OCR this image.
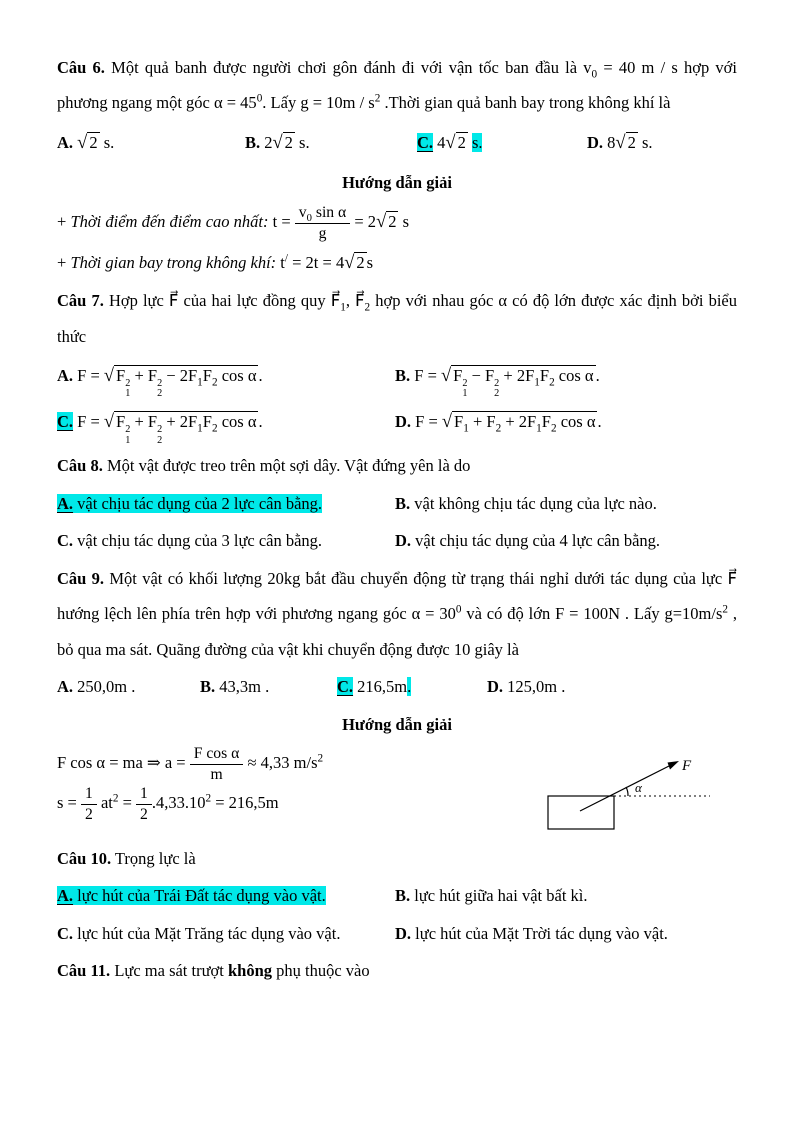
Câu 6. Một quả banh được người chơi gôn đánh đi với vận tốc ban đầu là $v_0 = 40$ m / s hợp với phương ngang một góc $\alpha = 45^0$. Lấy $g = 10m / s^2$ .Thời gian quả banh bay trong không khí là

A. √ 2 s.	B. 2 √ 2 s.	C. 4 √ 2 s.	D. 8 √ 2 s.

Hướng dẫn giải

+ Thời điểm đến điểm cao nhất: $t = \frac{v_0 \sin \alpha}{g} = 2$ √ 2 s

+ Thời gian bay trong không khí: t/ = 2t = 4 √ 2 s

Câu 7. Hợp lực F⃗ của hai lực đồng quy $F⃗_1$, $F⃗_2$ hợp với nhau góc α có độ lớn được xác định bởi biểu thức

A. F = √ F 2
1
+ F 2
2
− $2F_1F_2$ cos α .	B. F = √ F 2
1
− F 2
2
+ $2F_1F_2$ cos α .
C. F = √ F 2
1
+ F 2
2
+ $2F_1F_2$ cos α .	D. F = √ $F_1 + F_2 + 2F_1F_2$ cos α .

Câu 8. Một vật được treo trên một sợi dây. Vật đứng yên là do

A. vật chịu tác dụng của 2 lực cân bằng.	B. vật không chịu tác dụng của lực nào.
C. vật chịu tác dụng của 3 lực cân bằng.	D. vật chịu tác dụng của 4 lực cân bằng.

Câu 9. Một vật có khối lượng 20kg bắt đầu chuyển động từ trạng thái nghỉ dưới tác dụng của lực F⃗ hướng lệch lên phía trên hợp với phương ngang góc $\alpha = 30^0$ và có độ lớn F = 100N . Lấy $g=10m/s^2$ , bỏ qua ma sát. Quãng đường của vật khi chuyển động được 10 giây là

A. 250,0m .	B. 43,3m .	C. 216,5m.	D. 125,0m .

Hướng dẫn giải

F cos α = ma ⇒ $a = \frac{\text{F cos α}}{m} \approx 4,33$ $m/s^2$

$s = \frac{1}{2} at^2 = \frac{1}{2} .4,33.10^2 = 216,5m$

F⃗
α

Câu 10. Trọng lực là

A. lực hút của Trái Đất tác dụng vào vật.	B. lực hút giữa hai vật bất kì.
C. lực hút của Mặt Trăng tác dụng vào vật.	D. lực hút của Mặt Trời tác dụng vào vật.

Câu 11. Lực ma sát trượt không phụ thuộc vào
